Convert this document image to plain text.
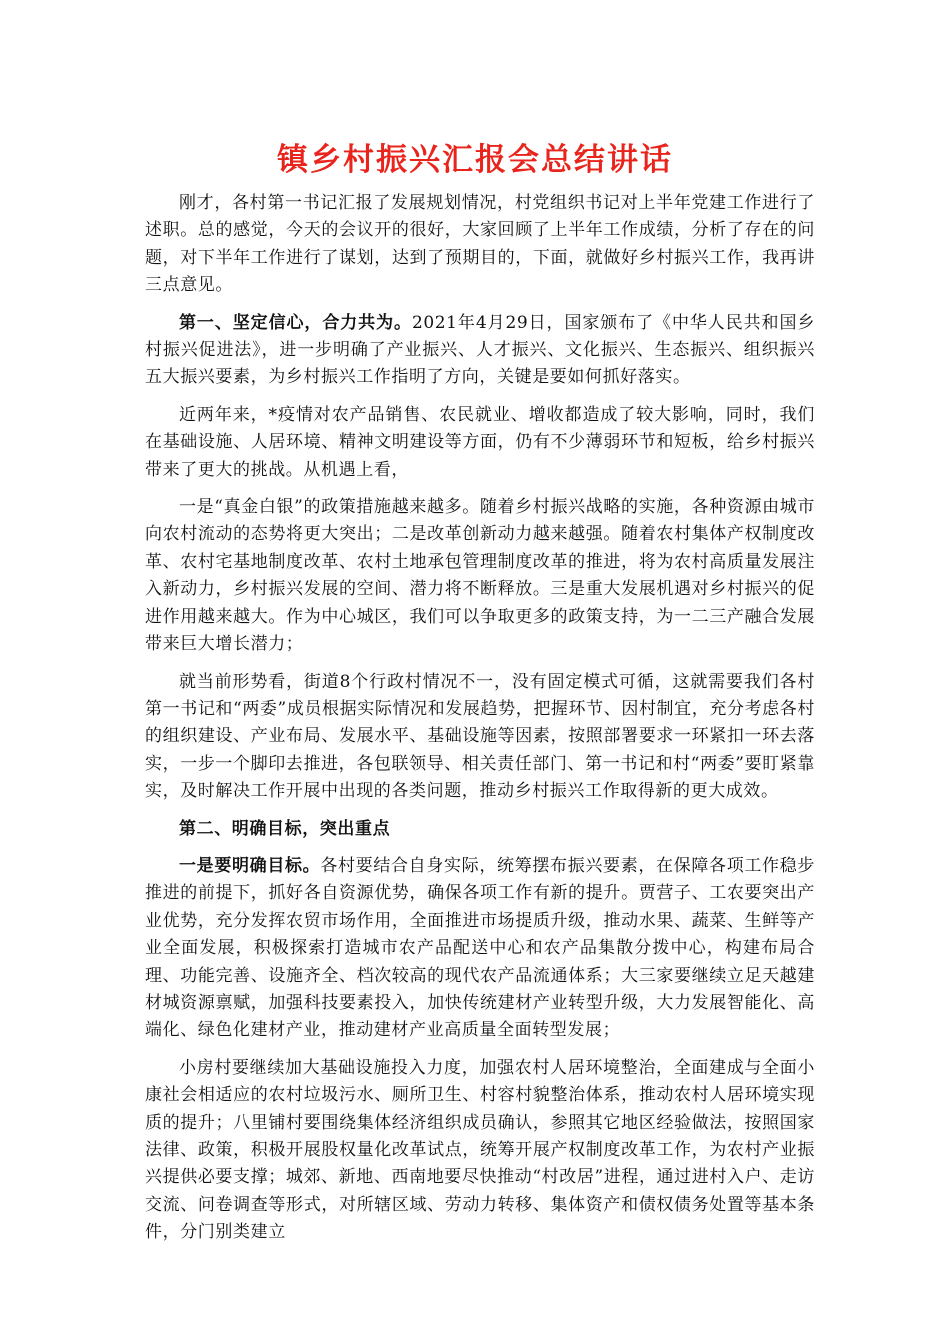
镇乡村振兴汇报会总结讲话

刚才，各村第一书记汇报了发展规划情况，村党组织书记对上半年党建工作进行了述职。总的感觉，今天的会议开的很好，大家回顾了上半年工作成绩，分析了存在的问题，对下半年工作进行了谋划，达到了预期目的，下面，就做好乡村振兴工作，我再讲三点意见。

第一、坚定信心，合力共为。2021年4月29日，国家颁布了《中华人民共和国乡村振兴促进法》，进一步明确了产业振兴、人才振兴、文化振兴、生态振兴、组织振兴五大振兴要素，为乡村振兴工作指明了方向，关键是要如何抓好落实。

近两年来，*疫情对农产品销售、农民就业、增收都造成了较大影响，同时，我们在基础设施、人居环境、精神文明建设等方面，仍有不少薄弱环节和短板，给乡村振兴带来了更大的挑战。从机遇上看，

一是“真金白银”的政策措施越来越多。随着乡村振兴战略的实施，各种资源由城市向农村流动的态势将更大突出；二是改革创新动力越来越强。随着农村集体产权制度改革、农村宅基地制度改革、农村土地承包管理制度改革的推进，将为农村高质量发展注入新动力，乡村振兴发展的空间、潜力将不断释放。三是重大发展机遇对乡村振兴的促进作用越来越大。作为中心城区，我们可以争取更多的政策支持，为一二三产融合发展带来巨大增长潜力；

就当前形势看，街道8个行政村情况不一，没有固定模式可循，这就需要我们各村第一书记和“两委”成员根据实际情况和发展趋势，把握环节、因村制宜，充分考虑各村的组织建设、产业布局、发展水平、基础设施等因素，按照部署要求一环紧扣一环去落实，一步一个脚印去推进，各包联领导、相关责任部门、第一书记和村“两委”要盯紧靠实，及时解决工作开展中出现的各类问题，推动乡村振兴工作取得新的更大成效。

第二、明确目标，突出重点

一是要明确目标。各村要结合自身实际，统筹摆布振兴要素，在保障各项工作稳步推进的前提下，抓好各自资源优势，确保各项工作有新的提升。贾营子、工农要突出产业优势，充分发挥农贸市场作用，全面推进市场提质升级，推动水果、蔬菜、生鲜等产业全面发展，积极探索打造城市农产品配送中心和农产品集散分拨中心，构建布局合理、功能完善、设施齐全、档次较高的现代农产品流通体系；大三家要继续立足天越建材城资源禀赋，加强科技要素投入，加快传统建材产业转型升级，大力发展智能化、高端化、绿色化建材产业，推动建材产业高质量全面转型发展；

小房村要继续加大基础设施投入力度，加强农村人居环境整治，全面建成与全面小康社会相适应的农村垃圾污水、厕所卫生、村容村貌整治体系，推动农村人居环境实现质的提升；八里铺村要围绕集体经济组织成员确认，参照其它地区经验做法，按照国家法律、政策，积极开展股权量化改革试点，统筹开展产权制度改革工作，为农村产业振兴提供必要支撑；城郊、新地、西南地要尽快推动“村改居”进程，通过进村入户、走访交流、问卷调查等形式，对所辖区域、劳动力转移、集体资产和债权债务处置等基本条件，分门别类建立
